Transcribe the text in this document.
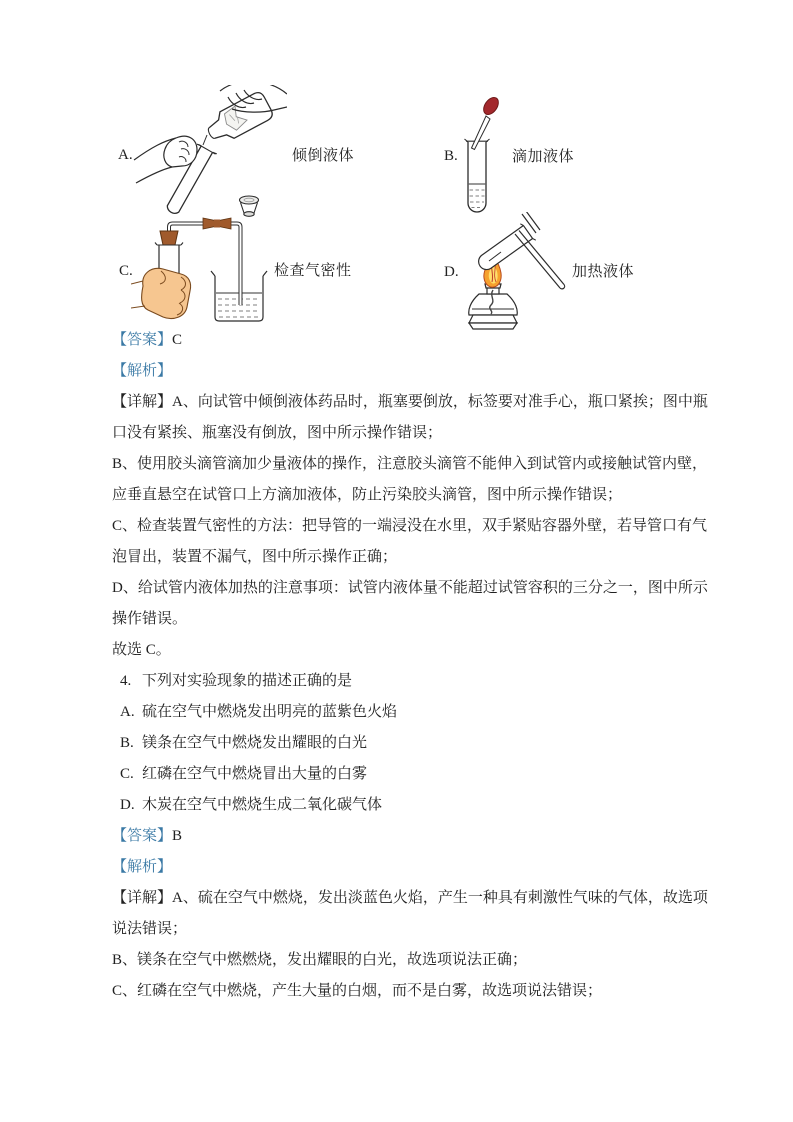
A.	倾倒液体	B.	滴加液体
C.	检查气密性	D.	加热液体
【答案】C
【解析】
【详解】A、向试管中倾倒液体药品时，瓶塞要倒放，标签要对准手心，瓶口紧挨；图中瓶
口没有紧挨、瓶塞没有倒放，图中所示操作错误；
B、使用胶头滴管滴加少量液体的操作，注意胶头滴管不能伸入到试管内或接触试管内壁，
应垂直悬空在试管口上方滴加液体，防止污染胶头滴管，图中所示操作错误；
C、检查装置气密性的方法：把导管的一端浸没在水里，双手紧贴容器外壁，若导管口有气
泡冒出，装置不漏气，图中所示操作正确；
D、给试管内液体加热的注意事项：试管内液体量不能超过试管容积的三分之一，图中所示
操作错误。
故选 C。
4. 下列对实验现象的描述正确的是
A. 硫在空气中燃烧发出明亮的蓝紫色火焰
B. 镁条在空气中燃烧发出耀眼的白光
C. 红磷在空气中燃烧冒出大量的白雾
D. 木炭在空气中燃烧生成二氧化碳气体
【答案】B
【解析】
【详解】A、硫在空气中燃烧，发出淡蓝色火焰，产生一种具有刺激性气味的气体，故选项
说法错误；
B、镁条在空气中燃燃烧，发出耀眼的白光，故选项说法正确；
C、红磷在空气中燃烧，产生大量的白烟，而不是白雾，故选项说法错误；
